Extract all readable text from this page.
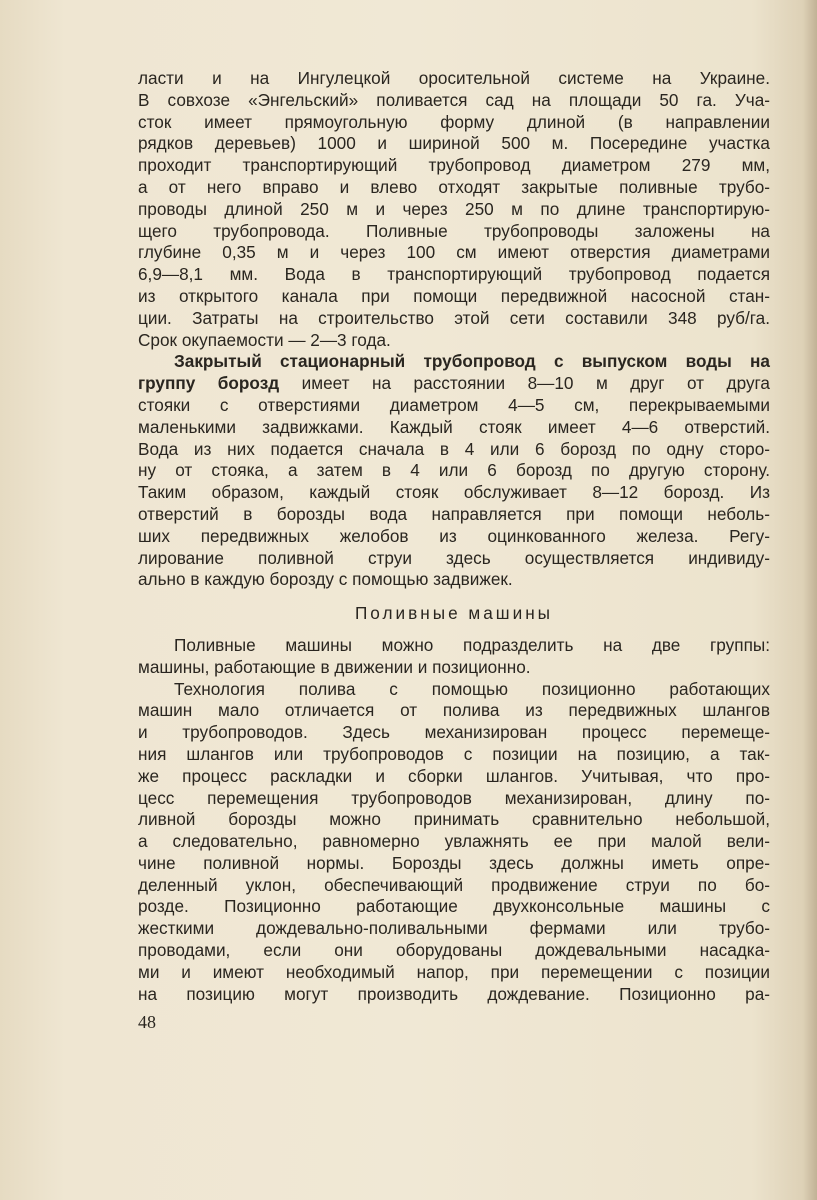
ласти и на Ингулецкой оросительной системе на Украине.
В совхозе «Энгельский» поливается сад на площади 50 га. Уча-
сток имеет прямоугольную форму длиной (в направлении
рядков деревьев) 1000 и шириной 500 м. Посередине участка
проходит транспортирующий трубопровод диаметром 279 мм,
а от него вправо и влево отходят закрытые поливные трубо-
проводы длиной 250 м и через 250 м по длине транспортирую-
щего трубопровода. Поливные трубопроводы заложены на
глубине 0,35 м и через 100 см имеют отверстия диаметрами
6,9—8,1 мм. Вода в транспортирующий трубопровод подается
из открытого канала при помощи передвижной насосной стан-
ции. Затраты на строительство этой сети составили 348 руб/га.
Срок окупаемости — 2—3 года.
Закрытый стационарный трубопровод с выпуском воды на
группу борозд имеет на расстоянии 8—10 м друг от друга
стояки с отверстиями диаметром 4—5 см, перекрываемыми
маленькими задвижками. Каждый стояк имеет 4—6 отверстий.
Вода из них подается сначала в 4 или 6 борозд по одну сторо-
ну от стояка, а затем в 4 или 6 борозд по другую сторону.
Таким образом, каждый стояк обслуживает 8—12 борозд. Из
отверстий в борозды вода направляется при помощи неболь-
ших передвижных желобов из оцинкованного железа. Регу-
лирование поливной струи здесь осуществляется индивиду-
ально в каждую борозду с помощью задвижек.
Поливные машины
Поливные машины можно подразделить на две группы:
машины, работающие в движении и позиционно.
Технология полива с помощью позиционно работающих
машин мало отличается от полива из передвижных шлангов
и трубопроводов. Здесь механизирован процесс перемеще-
ния шлангов или трубопроводов с позиции на позицию, а так-
же процесс раскладки и сборки шлангов. Учитывая, что про-
цесс перемещения трубопроводов механизирован, длину по-
ливной борозды можно принимать сравнительно небольшой,
а следовательно, равномерно увлажнять ее при малой вели-
чине поливной нормы. Борозды здесь должны иметь опре-
деленный уклон, обеспечивающий продвижение струи по бо-
розде. Позиционно работающие двухконсольные машины с
жесткими дождевально-поливальными фермами или трубо-
проводами, если они оборудованы дождевальными насадка-
ми и имеют необходимый напор, при перемещении с позиции
на позицию могут производить дождевание. Позиционно ра-
48
